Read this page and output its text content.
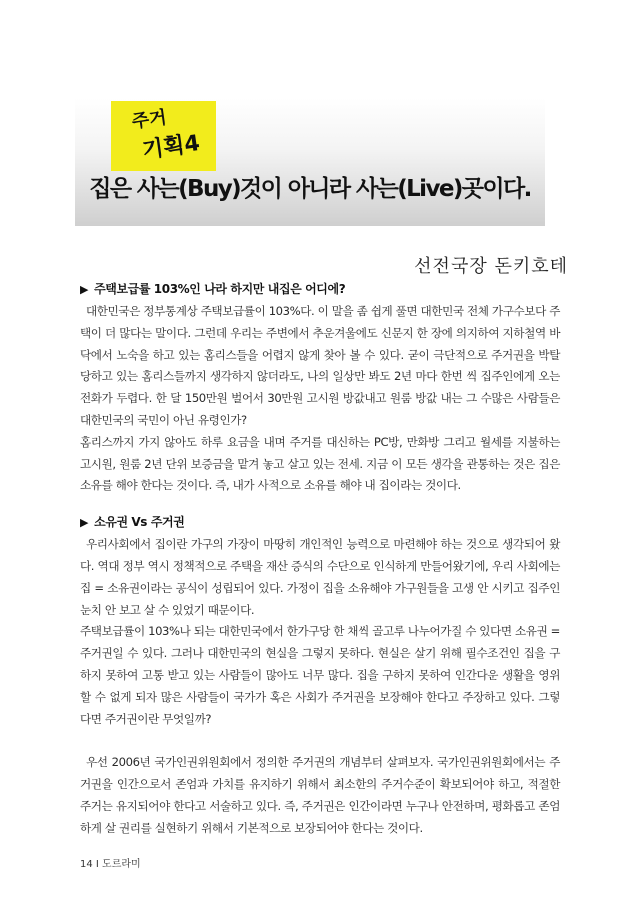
집은 사는(Buy)것이 아니라 사는(Live)곳이다.
주거
기획4
선전국장 돈키호테

▶ 주택보급률 103%인 나라 하지만 내집은 어디에?

대한민국은 정부통계상 주택보급률이 103%다. 이 말을 좀 쉽게 풀면 대한민국 전체 가구수보다 주택이 더 많다는 말이다. 그런데 우리는 주변에서 추운겨울에도 신문지 한 장에 의지하여 지하철역 바닥에서 노숙을 하고 있는 홈리스들을 어렵지 않게 찾아 볼 수 있다. 굳이 극단적으로 주거권을 박탈당하고 있는 홈리스들까지 생각하지 않더라도, 나의 일상만 봐도 2년 마다 한번 씩 집주인에게 오는 전화가 두렵다. 한 달 150만원 벌어서 30만원 고시원 방값내고 원룸 방값 내는 그 수많은 사람들은 대한민국의 국민이 아닌 유령인가?

홈리스까지 가지 않아도 하루 요금을 내며 주거를 대신하는 PC방, 만화방 그리고 월세를 지불하는 고시원, 원룸 2년 단위 보증금을 맡겨 놓고 살고 있는 전세. 지금 이 모든 생각을 관통하는 것은 집은 소유를 해야 한다는 것이다. 즉, 내가 사적으로 소유를 해야 내 집이라는 것이다.

▶ 소유권 Vs 주거권

우리사회에서 집이란 가구의 가장이 마땅히 개인적인 능력으로 마련해야 하는 것으로 생각되어 왔다. 역대 정부 역시 정책적으로 주택을 재산 증식의 수단으로 인식하게 만들어왔기에, 우리 사회에는 집 = 소유권이라는 공식이 성립되어 있다. 가정이 집을 소유해야 가구원들을 고생 안 시키고 집주인 눈치 안 보고 살 수 있었기 때문이다.

주택보급률이 103%나 되는 대한민국에서 한가구당 한 채씩 골고루 나누어가질 수 있다면 소유권 =주거권일 수 있다. 그러나 대한민국의 현실을 그렇지 못하다. 현실은 살기 위해 필수조건인 집을 구하지 못하여 고통 받고 있는 사람들이 많아도 너무 많다. 집을 구하지 못하여 인간다운 생활을 영위할 수 없게 되자 많은 사람들이 국가가 혹은 사회가 주거권을 보장해야 한다고 주장하고 있다. 그렇다면 주거권이란 무엇일까?

우선 2006년 국가인권위원회에서 정의한 주거권의 개념부터 살펴보자. 국가인권위원회에서는 주거권을 인간으로서 존엄과 가치를 유지하기 위해서 최소한의 주거수준이 확보되어야 하고, 적절한 주거는 유지되어야 한다고 서술하고 있다. 즉, 주거권은 인간이라면 누구나 안전하며, 평화롭고 존엄하게 살 권리를 실현하기 위해서 기본적으로 보장되어야 한다는 것이다.

14 I 도르라미
